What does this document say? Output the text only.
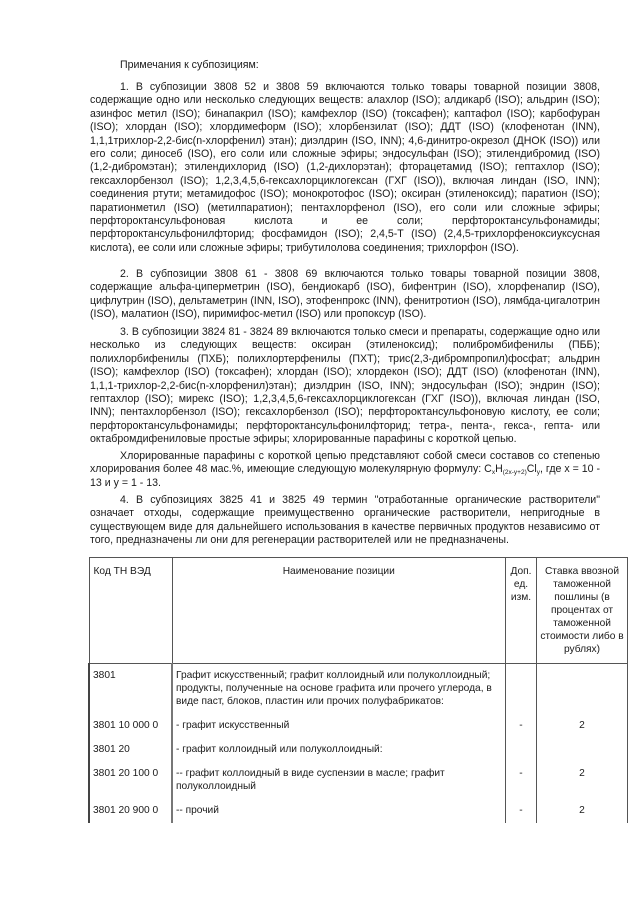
Примечания к субпозициям:

1. В субпозиции 3808 52 и 3808 59 включаются только товары товарной позиции 3808, содержащие одно или несколько следующих веществ: алахлор (ISO); алдикарб (ISO); альдрин (ISO); азинфос метил (ISO); бинапакрил (ISO); камфехлор (ISO) (токсафен); каптафол (ISO); карбофуран (ISO); хлордан (ISO); хлордимеформ (ISO); хлорбензилат (ISO); ДДТ (ISO) (клофенотан (INN), 1,1,1трихлор-2,2-бис(n-хлорфенил) этан); диэлдрин (ISO, INN); 4,6-динитро-окрезол (ДНОК (ISO)) или его соли; диносеб (ISO), его соли или сложные эфиры; эндосульфан (ISO); этилендибромид (ISO) (1,2-дибромэтан); этилендихлорид (ISO) (1,2-дихлорэтан); фторацетамид (ISO); гептахлор (ISO); гексахлорбензол (ISO); 1,2,3,4,5,6-гексахлорциклогексан (ГХГ (ISO)), включая линдан (ISO, INN); соединения ртути; метамидофос (ISO); монокротофос (ISO); оксиран (этиленоксид); паратион (ISO); паратионметил (ISO) (метилпаратион); пентахлорфенол (ISO), его соли или сложные эфиры; перфтороктансульфоновая кислота и ее соли; перфтороктансульфонамиды; перфтороктансульфонилфторид; фосфамидон (ISO); 2,4,5-Т (ISO) (2,4,5-трихлорфеноксиуксусная кислота), ее соли или сложные эфиры; трибутилолова соединения; трихлорфон (ISO).

2. В субпозиции 3808 61 - 3808 69 включаются только товары товарной позиции 3808, содержащие альфа-циперметрин (ISO), бендиокарб (ISO), бифентрин (ISO), хлорфенапир (ISO), цифлутрин (ISO), дельтаметрин (INN, ISO), этофенпрокс (INN), фенитротион (ISO), лямбда-цигалотрин (ISO), малатион (ISO), пиримифос-метил (ISO) или пропоксур (ISO).

3. В субпозиции 3824 81 - 3824 89 включаются только смеси и препараты, содержащие одно или несколько из следующих веществ: оксиран (этиленоксид); полибромбифенилы (ПББ); полихлорбифенилы (ПХБ); полихлортерфенилы (ПХТ); трис(2,3-дибромпропил)фосфат; альдрин (ISO); камфехлор (ISO) (токсафен); хлордан (ISO); хлордекон (ISO); ДДТ (ISO) (клофенотан (INN), 1,1,1-трихлор-2,2-бис(n-хлорфенил)этан); диэлдрин (ISO, INN); эндосульфан (ISO); эндрин (ISO); гептахлор (ISO); мирекс (ISO); 1,2,3,4,5,6-гексахлорциклогексан (ГХГ (ISO)), включая линдан (ISO, INN); пентахлорбензол (ISO); гексахлорбензол (ISO); перфтороктансульфоновую кислоту, ее соли; перфтороктансульфонамиды; перфтороктансульфонилфторид; тетра-, пента-, гекса-, гепта- или октабромдифениловые простые эфиры; хлорированные парафины с короткой цепью.

Хлорированные парафины с короткой цепью представляют собой смеси составов со степенью хлорирования более 48 мас.%, имеющие следующую молекулярную формулу: $C_xH_{(2x-y+2)}Cl_y$, где x = 10 - 13 и y = 1 - 13.

4. В субпозициях 3825 41 и 3825 49 термин "отработанные органические растворители" означает отходы, содержащие преимущественно органические растворители, непригодные в существующем виде для дальнейшего использования в качестве первичных продуктов независимо от того, предназначены ли они для регенерации растворителей или не предназначены.

Код ТН ВЭД	Наименование позиции	Доп. ед. изм.	Ставка ввозной таможенной пошлины (в процентах от таможенной стоимости либо в рублях)
3801	Графит искусственный; графит коллоидный или полуколлоидный; продукты, полученные на основе графита или прочего углерода, в виде паст, блоков, пластин или прочих полуфабрикатов:		
3801 10 000 0	- графит искусственный	-	2
3801 20	- графит коллоидный или полуколлоидный:		
3801 20 100 0	-- графит коллоидный в виде суспензии в масле; графит полуколлоидный	-	2
3801 20 900 0	-- прочий	-	2
